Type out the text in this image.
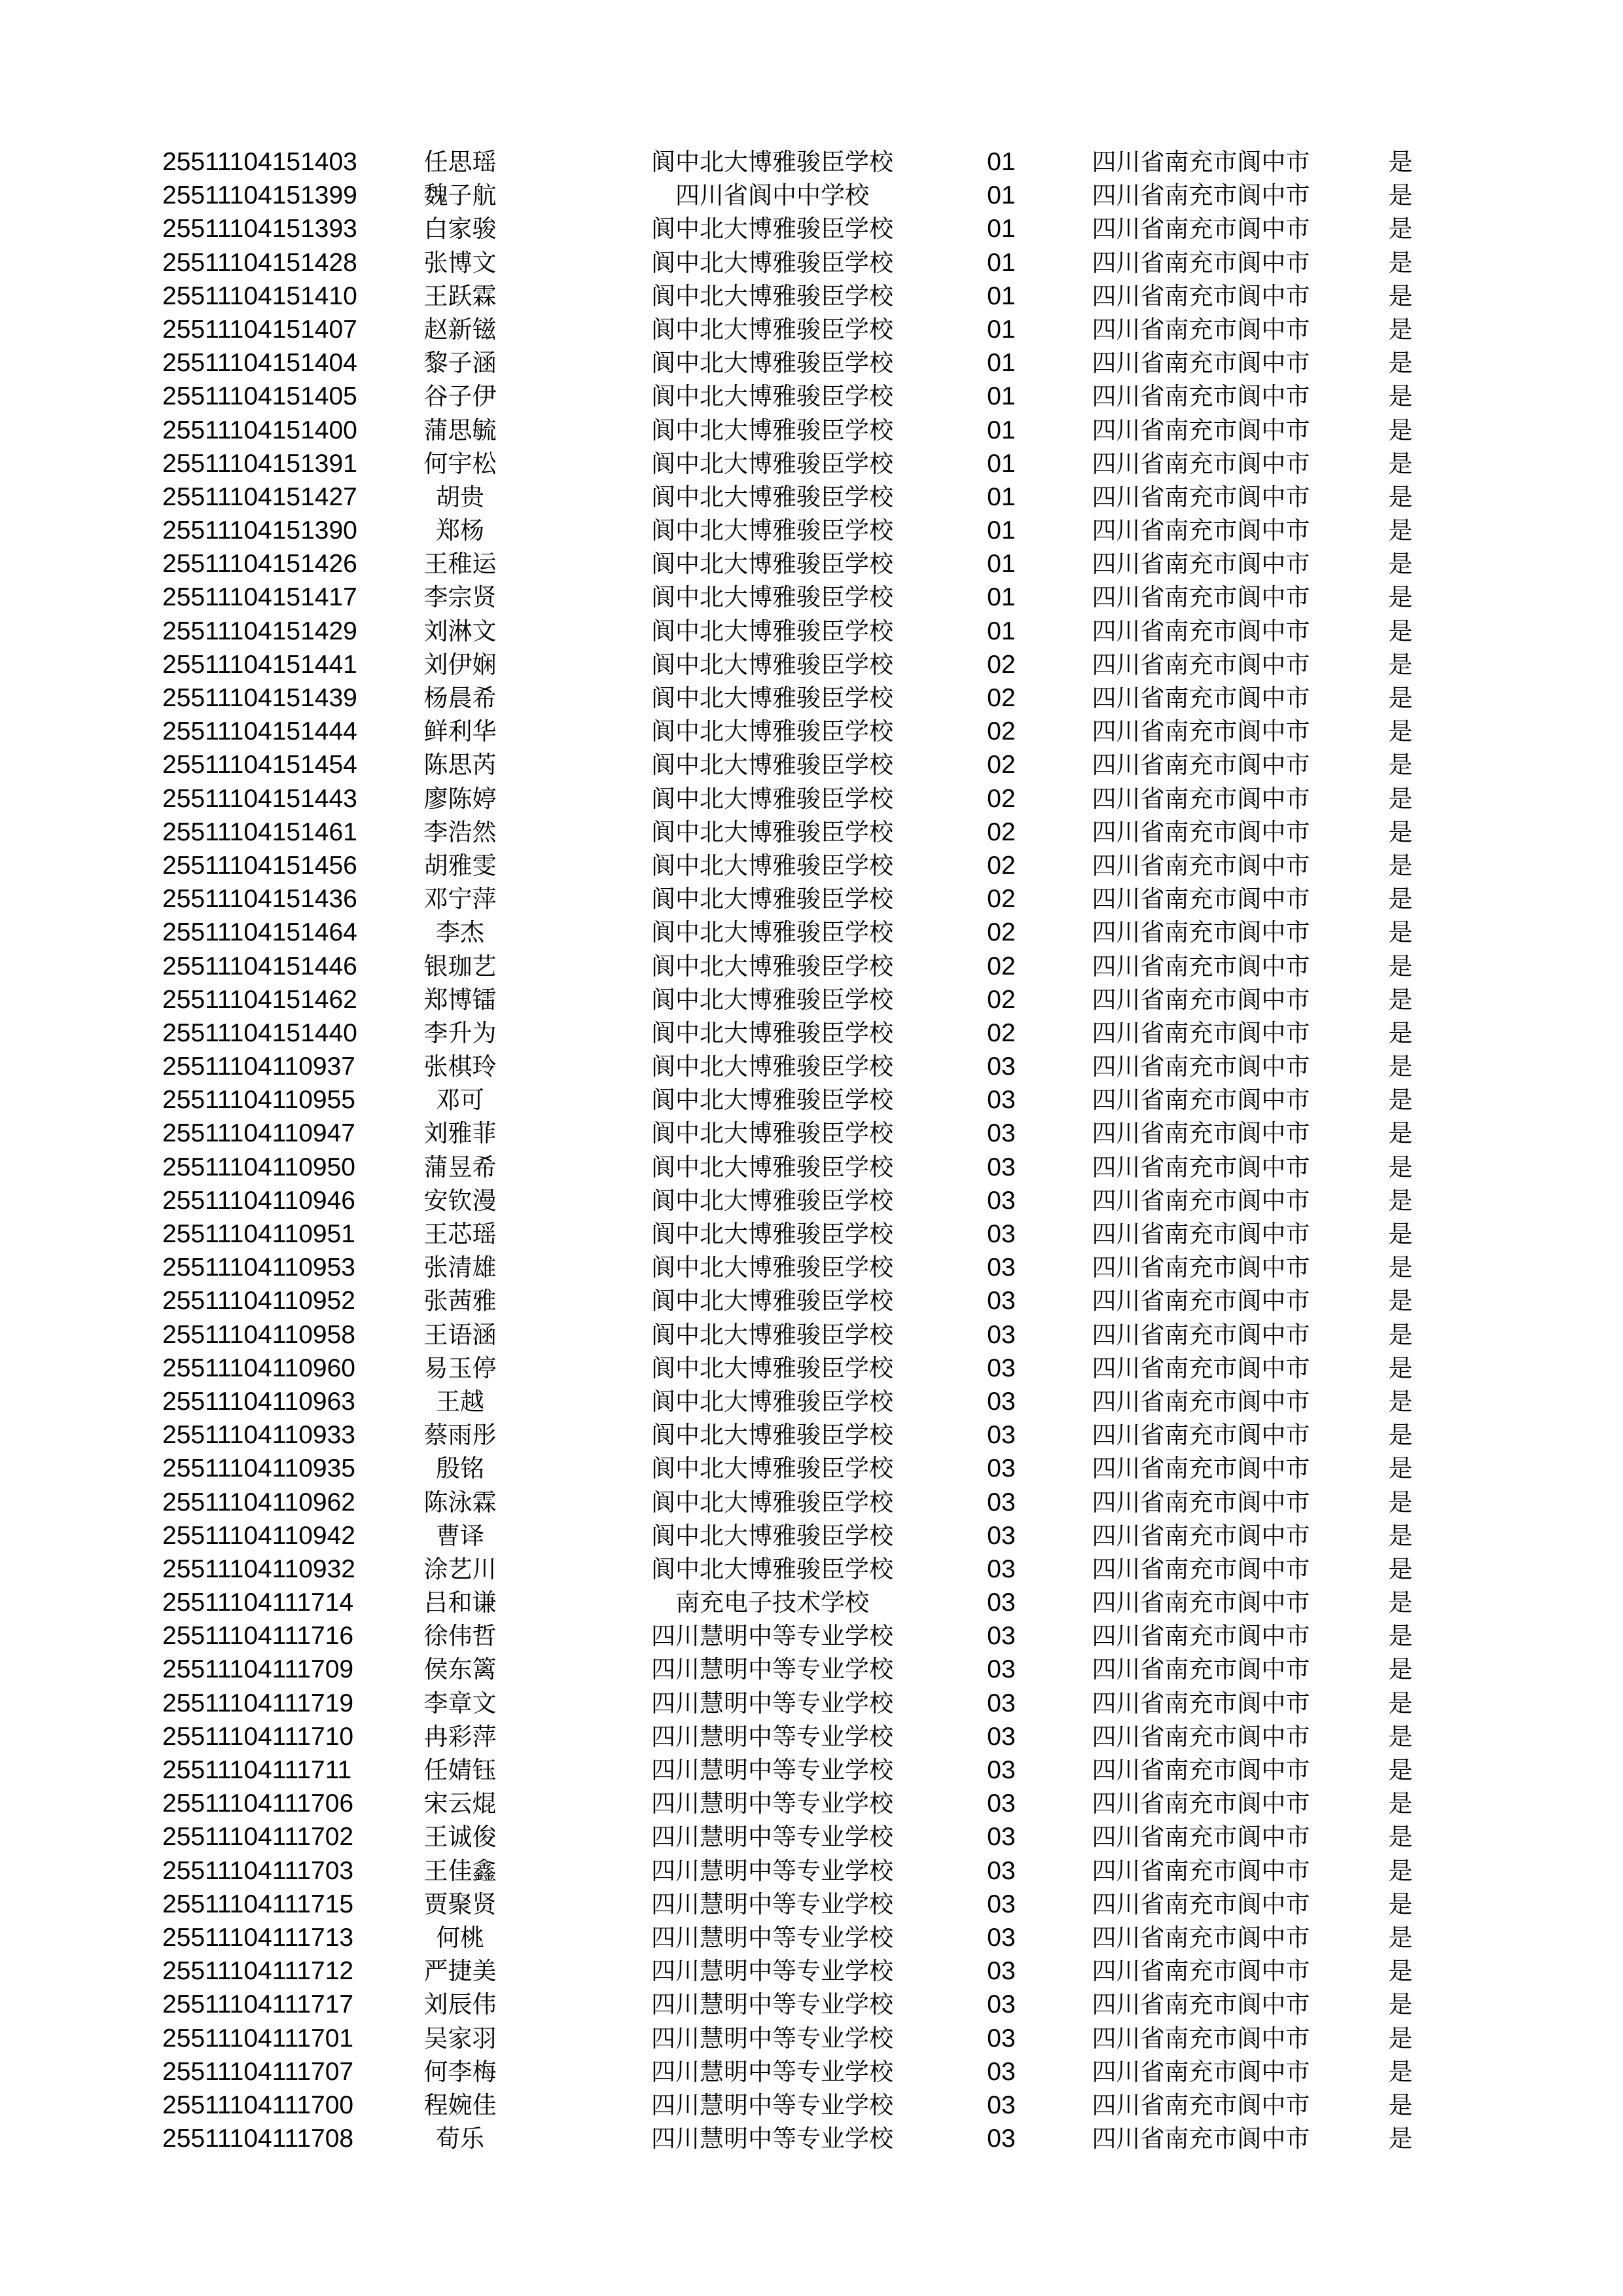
25511104151403	任思瑶	阆中北大博雅骏臣学校	01	四川省南充市阆中市	是
25511104151399	魏子航	四川省阆中中学校	01	四川省南充市阆中市	是
25511104151393	白家骏	阆中北大博雅骏臣学校	01	四川省南充市阆中市	是
25511104151428	张博文	阆中北大博雅骏臣学校	01	四川省南充市阆中市	是
25511104151410	王跃霖	阆中北大博雅骏臣学校	01	四川省南充市阆中市	是
25511104151407	赵新镃	阆中北大博雅骏臣学校	01	四川省南充市阆中市	是
25511104151404	黎子涵	阆中北大博雅骏臣学校	01	四川省南充市阆中市	是
25511104151405	谷子伊	阆中北大博雅骏臣学校	01	四川省南充市阆中市	是
25511104151400	蒲思毓	阆中北大博雅骏臣学校	01	四川省南充市阆中市	是
25511104151391	何宇松	阆中北大博雅骏臣学校	01	四川省南充市阆中市	是
25511104151427	胡贵	阆中北大博雅骏臣学校	01	四川省南充市阆中市	是
25511104151390	郑杨	阆中北大博雅骏臣学校	01	四川省南充市阆中市	是
25511104151426	王稚运	阆中北大博雅骏臣学校	01	四川省南充市阆中市	是
25511104151417	李宗贤	阆中北大博雅骏臣学校	01	四川省南充市阆中市	是
25511104151429	刘淋文	阆中北大博雅骏臣学校	01	四川省南充市阆中市	是
25511104151441	刘伊娴	阆中北大博雅骏臣学校	02	四川省南充市阆中市	是
25511104151439	杨晨希	阆中北大博雅骏臣学校	02	四川省南充市阆中市	是
25511104151444	鲜利华	阆中北大博雅骏臣学校	02	四川省南充市阆中市	是
25511104151454	陈思芮	阆中北大博雅骏臣学校	02	四川省南充市阆中市	是
25511104151443	廖陈婷	阆中北大博雅骏臣学校	02	四川省南充市阆中市	是
25511104151461	李浩然	阆中北大博雅骏臣学校	02	四川省南充市阆中市	是
25511104151456	胡雅雯	阆中北大博雅骏臣学校	02	四川省南充市阆中市	是
25511104151436	邓宁萍	阆中北大博雅骏臣学校	02	四川省南充市阆中市	是
25511104151464	李杰	阆中北大博雅骏臣学校	02	四川省南充市阆中市	是
25511104151446	银珈艺	阆中北大博雅骏臣学校	02	四川省南充市阆中市	是
25511104151462	郑博镭	阆中北大博雅骏臣学校	02	四川省南充市阆中市	是
25511104151440	李升为	阆中北大博雅骏臣学校	02	四川省南充市阆中市	是
25511104110937	张棋玲	阆中北大博雅骏臣学校	03	四川省南充市阆中市	是
25511104110955	邓可	阆中北大博雅骏臣学校	03	四川省南充市阆中市	是
25511104110947	刘雅菲	阆中北大博雅骏臣学校	03	四川省南充市阆中市	是
25511104110950	蒲昱希	阆中北大博雅骏臣学校	03	四川省南充市阆中市	是
25511104110946	安钦漫	阆中北大博雅骏臣学校	03	四川省南充市阆中市	是
25511104110951	王芯瑶	阆中北大博雅骏臣学校	03	四川省南充市阆中市	是
25511104110953	张清雄	阆中北大博雅骏臣学校	03	四川省南充市阆中市	是
25511104110952	张茜雅	阆中北大博雅骏臣学校	03	四川省南充市阆中市	是
25511104110958	王语涵	阆中北大博雅骏臣学校	03	四川省南充市阆中市	是
25511104110960	易玉停	阆中北大博雅骏臣学校	03	四川省南充市阆中市	是
25511104110963	王越	阆中北大博雅骏臣学校	03	四川省南充市阆中市	是
25511104110933	蔡雨彤	阆中北大博雅骏臣学校	03	四川省南充市阆中市	是
25511104110935	殷铭	阆中北大博雅骏臣学校	03	四川省南充市阆中市	是
25511104110962	陈泳霖	阆中北大博雅骏臣学校	03	四川省南充市阆中市	是
25511104110942	曹译	阆中北大博雅骏臣学校	03	四川省南充市阆中市	是
25511104110932	涂艺川	阆中北大博雅骏臣学校	03	四川省南充市阆中市	是
25511104111714	吕和谦	南充电子技术学校	03	四川省南充市阆中市	是
25511104111716	徐伟哲	四川慧明中等专业学校	03	四川省南充市阆中市	是
25511104111709	侯东篱	四川慧明中等专业学校	03	四川省南充市阆中市	是
25511104111719	李章文	四川慧明中等专业学校	03	四川省南充市阆中市	是
25511104111710	冉彩萍	四川慧明中等专业学校	03	四川省南充市阆中市	是
25511104111711	任婧钰	四川慧明中等专业学校	03	四川省南充市阆中市	是
25511104111706	宋云焜	四川慧明中等专业学校	03	四川省南充市阆中市	是
25511104111702	王诚俊	四川慧明中等专业学校	03	四川省南充市阆中市	是
25511104111703	王佳鑫	四川慧明中等专业学校	03	四川省南充市阆中市	是
25511104111715	贾聚贤	四川慧明中等专业学校	03	四川省南充市阆中市	是
25511104111713	何桃	四川慧明中等专业学校	03	四川省南充市阆中市	是
25511104111712	严捷美	四川慧明中等专业学校	03	四川省南充市阆中市	是
25511104111717	刘辰伟	四川慧明中等专业学校	03	四川省南充市阆中市	是
25511104111701	吴家羽	四川慧明中等专业学校	03	四川省南充市阆中市	是
25511104111707	何李梅	四川慧明中等专业学校	03	四川省南充市阆中市	是
25511104111700	程婉佳	四川慧明中等专业学校	03	四川省南充市阆中市	是
25511104111708	荀乐	四川慧明中等专业学校	03	四川省南充市阆中市	是
